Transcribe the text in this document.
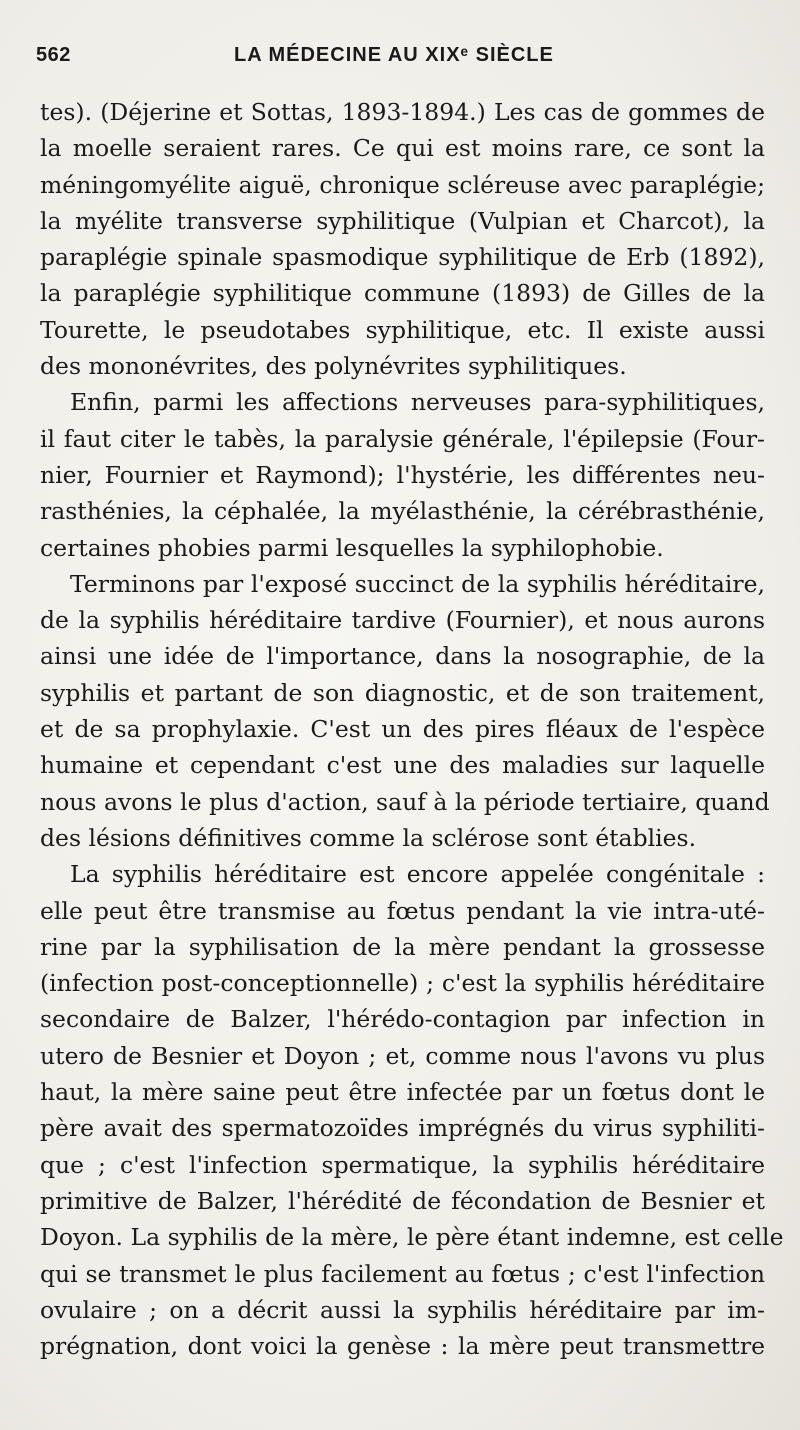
562	LA MÉDECINE AU XIXᵉ SIÈCLE
tes). (Déjerine et Sottas, 1893-1894.) Les cas de gommes de
la moelle seraient rares. Ce qui est moins rare, ce sont la
méningomyélite aiguë, chronique scléreuse avec paraplégie;
la myélite transverse syphilitique (Vulpian et Charcot), la
paraplégie spinale spasmodique syphilitique de Erb (1892),
la paraplégie syphilitique commune (1893) de Gilles de la
Tourette, le pseudotabes syphilitique, etc. Il existe aussi
des mononévrites, des polynévrites syphilitiques.
Enfin, parmi les affections nerveuses para-syphilitiques,
il faut citer le tabès, la paralysie générale, l'épilepsie (Four-
nier, Fournier et Raymond); l'hystérie, les différentes neu-
rasthénies, la céphalée, la myélasthénie, la cérébrasthénie,
certaines phobies parmi lesquelles la syphilophobie.
Terminons par l'exposé succinct de la syphilis héréditaire,
de la syphilis héréditaire tardive (Fournier), et nous aurons
ainsi une idée de l'importance, dans la nosographie, de la
syphilis et partant de son diagnostic, et de son traitement,
et de sa prophylaxie. C'est un des pires fléaux de l'espèce
humaine et cependant c'est une des maladies sur laquelle
nous avons le plus d'action, sauf à la période tertiaire, quand
des lésions définitives comme la sclérose sont établies.
La syphilis héréditaire est encore appelée congénitale :
elle peut être transmise au fœtus pendant la vie intra-uté-
rine par la syphilisation de la mère pendant la grossesse
(infection post-conceptionnelle) ; c'est la syphilis héréditaire
secondaire de Balzer, l'hérédo-contagion par infection in
utero de Besnier et Doyon ; et, comme nous l'avons vu plus
haut, la mère saine peut être infectée par un fœtus dont le
père avait des spermatozoïdes imprégnés du virus syphiliti-
que ; c'est l'infection spermatique, la syphilis héréditaire
primitive de Balzer, l'hérédité de fécondation de Besnier et
Doyon. La syphilis de la mère, le père étant indemne, est celle
qui se transmet le plus facilement au fœtus ; c'est l'infection
ovulaire ; on a décrit aussi la syphilis héréditaire par im-
prégnation, dont voici la genèse : la mère peut transmettre
